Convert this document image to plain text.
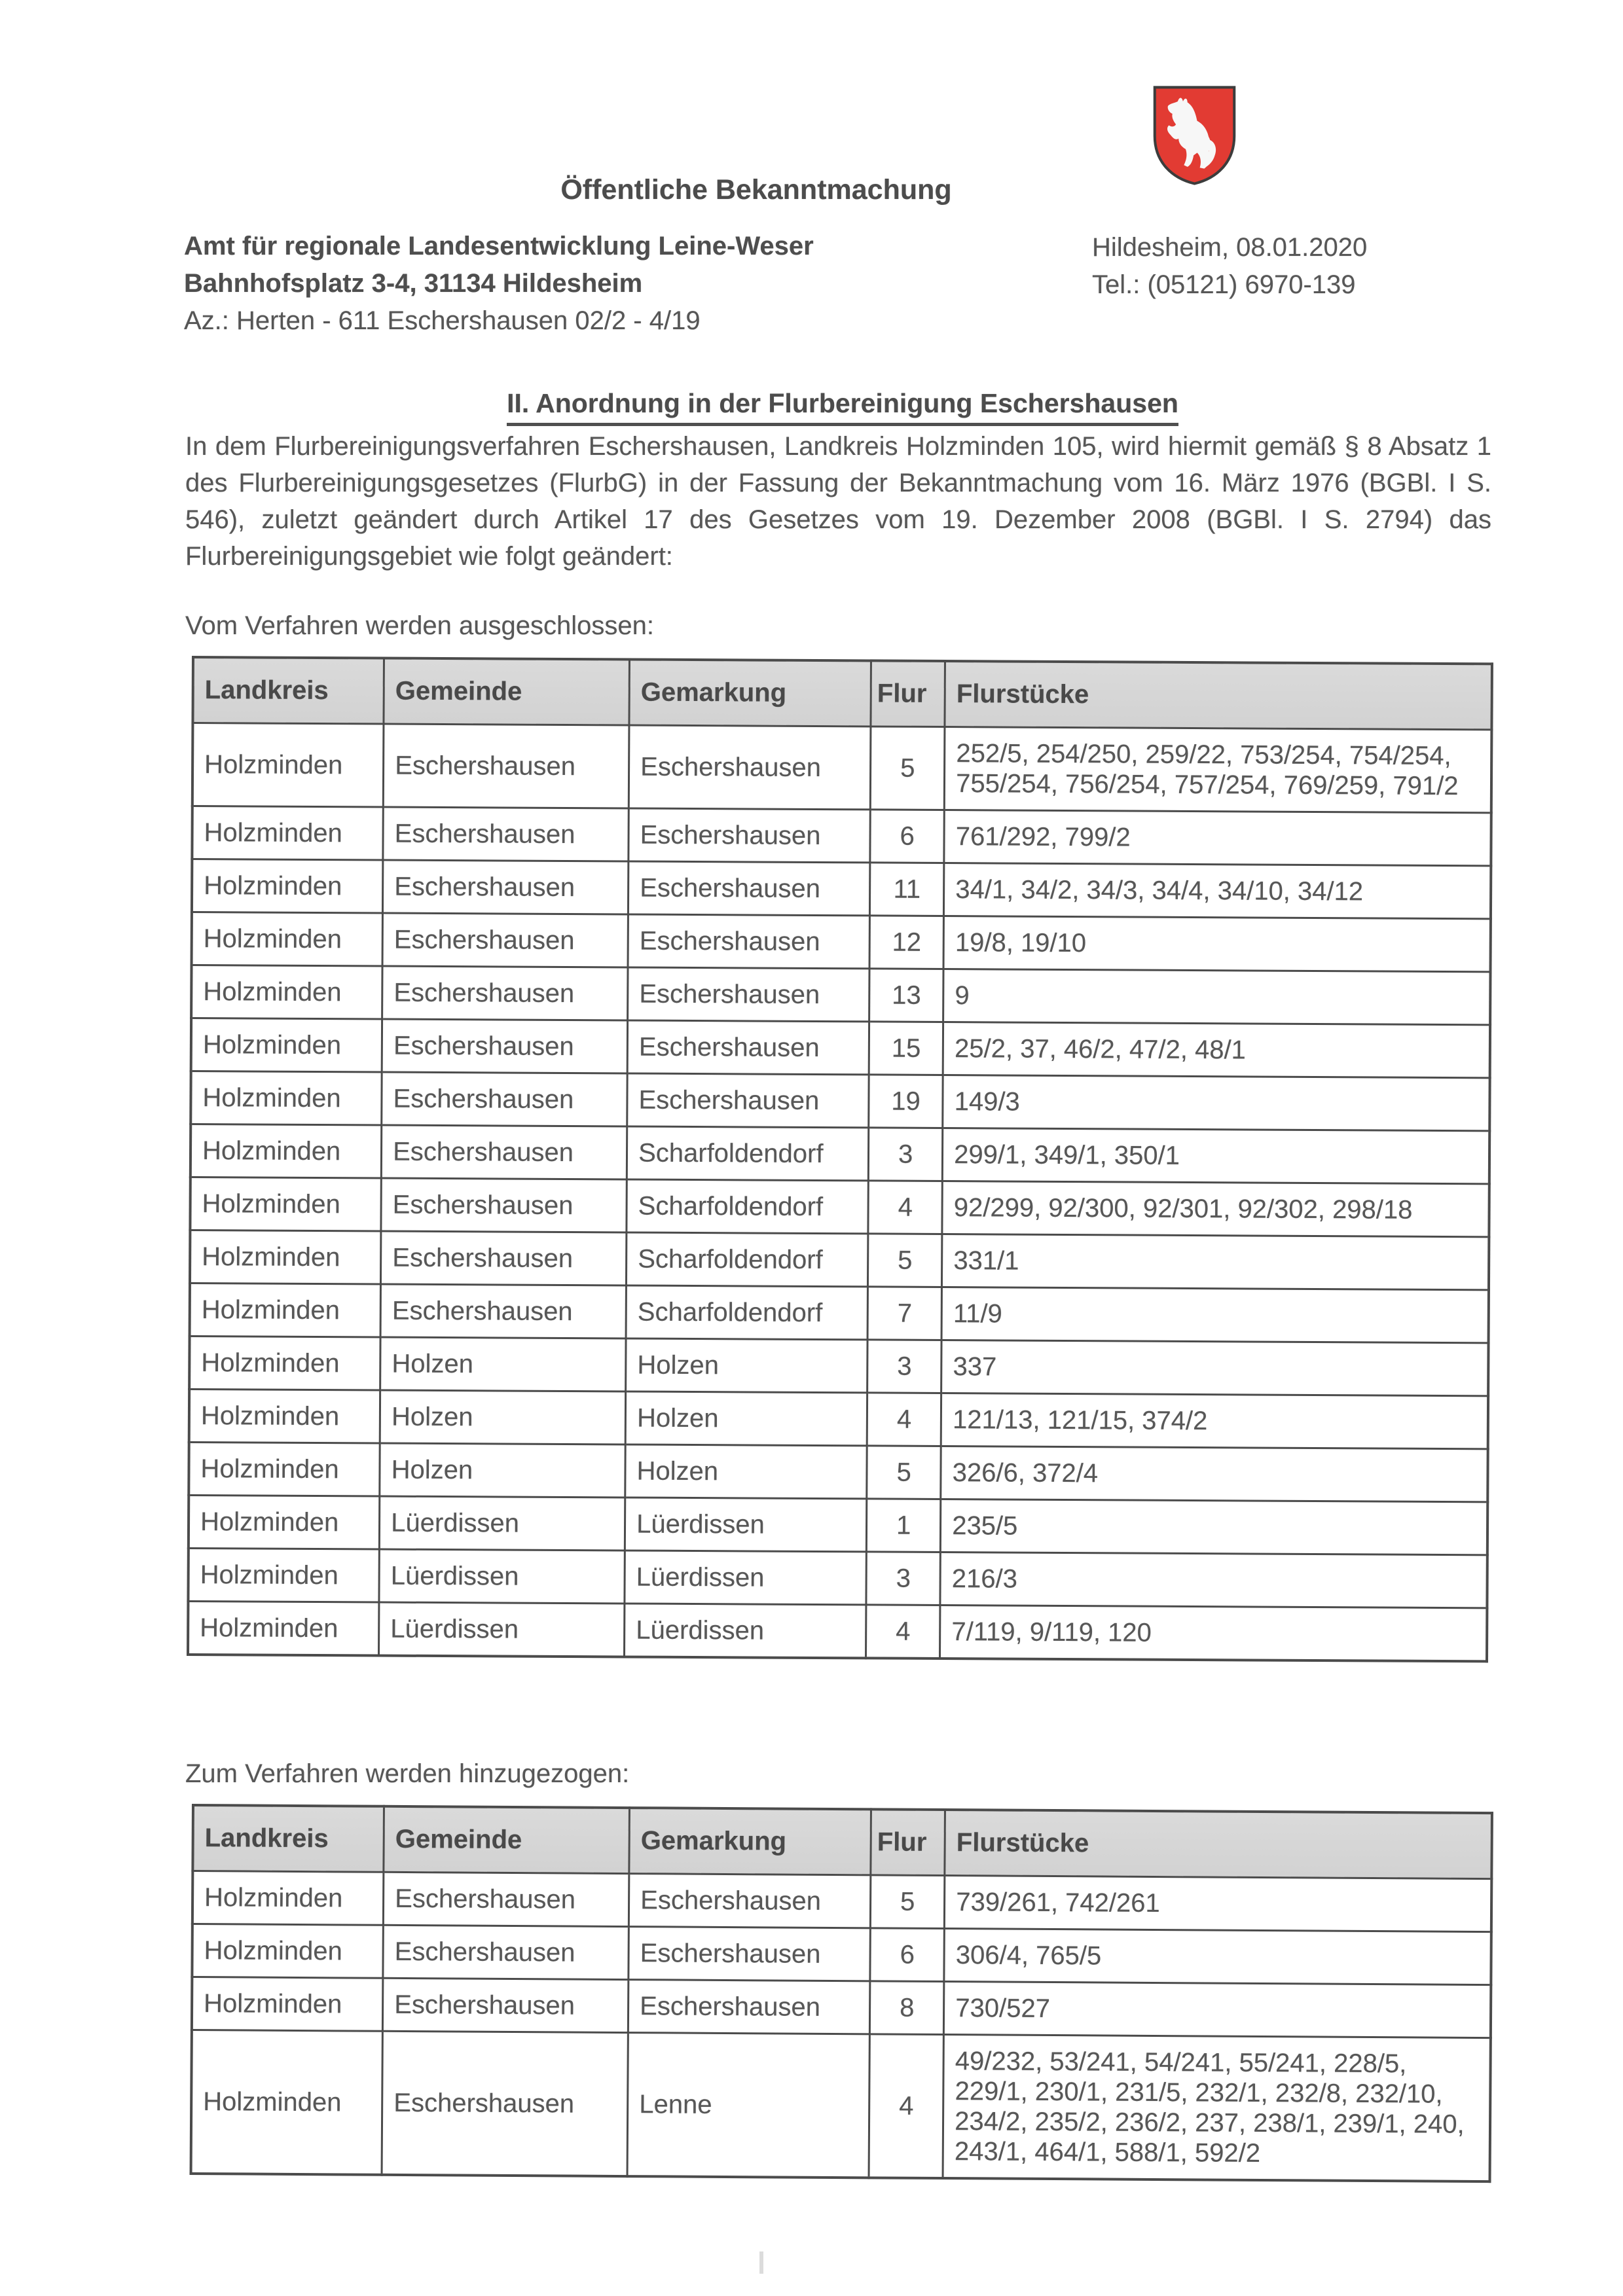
Öffentliche Bekanntmachung
Amt für regionale Landesentwicklung Leine-Weser
Bahnhofsplatz 3-4, 31134 Hildesheim
Az.: Herten - 611 Eschershausen 02/2 - 4/19
Hildesheim, 08.01.2020
Tel.: (05121) 6970-139
II. Anordnung in der Flurbereinigung Eschershausen

In dem Flurbereinigungsverfahren Eschershausen, Landkreis Holzminden 105, wird hiermit gemäß § 8 Absatz 1 des Flurbereinigungsgesetzes (FlurbG) in der Fassung der Bekanntmachung vom 16. März 1976 (BGBl. I S. 546), zuletzt geändert durch Artikel 17 des Gesetzes vom 19. Dezember 2008 (BGBl. I S. 2794) das Flurbereinigungsgebiet wie folgt geändert:

Vom Verfahren werden ausgeschlossen:
Landkreis	Gemeinde	Gemarkung	Flur	Flurstücke
Holzminden	Eschershausen	Eschershausen	5	252/5, 254/250, 259/22, 753/254, 754/254, 755/254, 756/254, 757/254, 769/259, 791/2
Holzminden	Eschershausen	Eschershausen	6	761/292, 799/2
Holzminden	Eschershausen	Eschershausen	11	34/1, 34/2, 34/3, 34/4, 34/10, 34/12
Holzminden	Eschershausen	Eschershausen	12	19/8, 19/10
Holzminden	Eschershausen	Eschershausen	13	9
Holzminden	Eschershausen	Eschershausen	15	25/2, 37, 46/2, 47/2, 48/1
Holzminden	Eschershausen	Eschershausen	19	149/3
Holzminden	Eschershausen	Scharfoldendorf	3	299/1, 349/1, 350/1
Holzminden	Eschershausen	Scharfoldendorf	4	92/299, 92/300, 92/301, 92/302, 298/18
Holzminden	Eschershausen	Scharfoldendorf	5	331/1
Holzminden	Eschershausen	Scharfoldendorf	7	11/9
Holzminden	Holzen	Holzen	3	337
Holzminden	Holzen	Holzen	4	121/13, 121/15, 374/2
Holzminden	Holzen	Holzen	5	326/6, 372/4
Holzminden	Lüerdissen	Lüerdissen	1	235/5
Holzminden	Lüerdissen	Lüerdissen	3	216/3
Holzminden	Lüerdissen	Lüerdissen	4	7/119, 9/119, 120
Zum Verfahren werden hinzugezogen:
Landkreis	Gemeinde	Gemarkung	Flur	Flurstücke
Holzminden	Eschershausen	Eschershausen	5	739/261, 742/261
Holzminden	Eschershausen	Eschershausen	6	306/4, 765/5
Holzminden	Eschershausen	Eschershausen	8	730/527
Holzminden	Eschershausen	Lenne	4	49/232, 53/241, 54/241, 55/241, 228/5, 229/1, 230/1, 231/5, 232/1, 232/8, 232/10, 234/2, 235/2, 236/2, 237, 238/1, 239/1, 240, 243/1, 464/1, 588/1, 592/2
